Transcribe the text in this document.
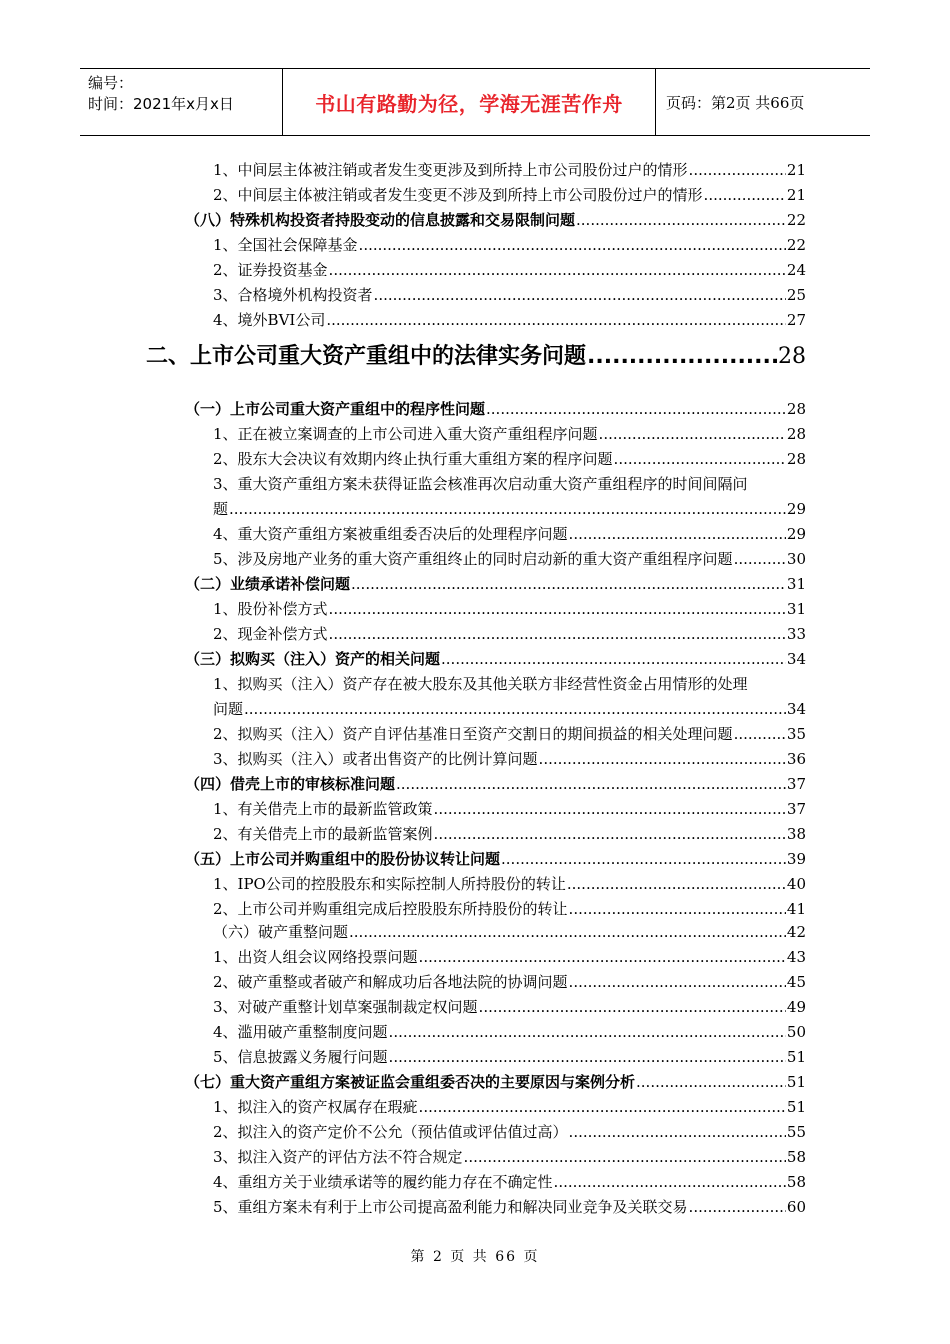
编号：
时间：2021年x月x日	书山有路勤为径，学海无涯苦作舟	页码：第2页 共66页
1、中间层主体被注销或者发生变更涉及到所持上市公司股份过户的情形 .....	21
2、中间层主体被注销或者发生变更不涉及到所持上市公司股份过户的情形 .....	21
（八）特殊机构投资者持股变动的信息披露和交易限制问题 .....	22
1、全国社会保障基金 .....	22
2、证券投资基金 .....	24
3、合格境外机构投资者 .....	25
4、境外BVI公司 .....	27
二、上市公司重大资产重组中的法律实务问题 .....	28
（一）上市公司重大资产重组中的程序性问题 .....	28
1、正在被立案调查的上市公司进入重大资产重组程序问题 .....	28
2、股东大会决议有效期内终止执行重大重组方案的程序问题 .....	28
3、重大资产重组方案未获得证监会核准再次启动重大资产重组程序的时间间隔问
题 .....	29
4、重大资产重组方案被重组委否决后的处理程序问题 .....	29
5、涉及房地产业务的重大资产重组终止的同时启动新的重大资产重组程序问题 .....	30
（二）业绩承诺补偿问题 .....	31
1、股份补偿方式 .....	31
2、现金补偿方式 .....	33
（三）拟购买（注入）资产的相关问题 .....	34
1、拟购买（注入）资产存在被大股东及其他关联方非经营性资金占用情形的处理
问题 .....	34
2、拟购买（注入）资产自评估基准日至资产交割日的期间损益的相关处理问题 .....	35
3、拟购买（注入）或者出售资产的比例计算问题 .....	36
（四）借壳上市的审核标准问题 .....	37
1、有关借壳上市的最新监管政策 .....	37
2、有关借壳上市的最新监管案例 .....	38
（五）上市公司并购重组中的股份协议转让问题 .....	39
1、IPO公司的控股股东和实际控制人所持股份的转让 .....	40
2、上市公司并购重组完成后控股股东所持股份的转让 .....	41
（六）破产重整问题 .....	42
1、出资人组会议网络投票问题 .....	43
2、破产重整或者破产和解成功后各地法院的协调问题 .....	45
3、对破产重整计划草案强制裁定权问题 .....	49
4、滥用破产重整制度问题 .....	50
5、信息披露义务履行问题 .....	51
（七）重大资产重组方案被证监会重组委否决的主要原因与案例分析 .....	51
1、拟注入的资产权属存在瑕疵 .....	51
2、拟注入的资产定价不公允（预估值或评估值过高） .....	55
3、拟注入资产的评估方法不符合规定 .....	58
4、重组方关于业绩承诺等的履约能力存在不确定性 .....	58
5、重组方案未有利于上市公司提高盈利能力和解决同业竞争及关联交易 .....	60
第 2 页 共 66 页
